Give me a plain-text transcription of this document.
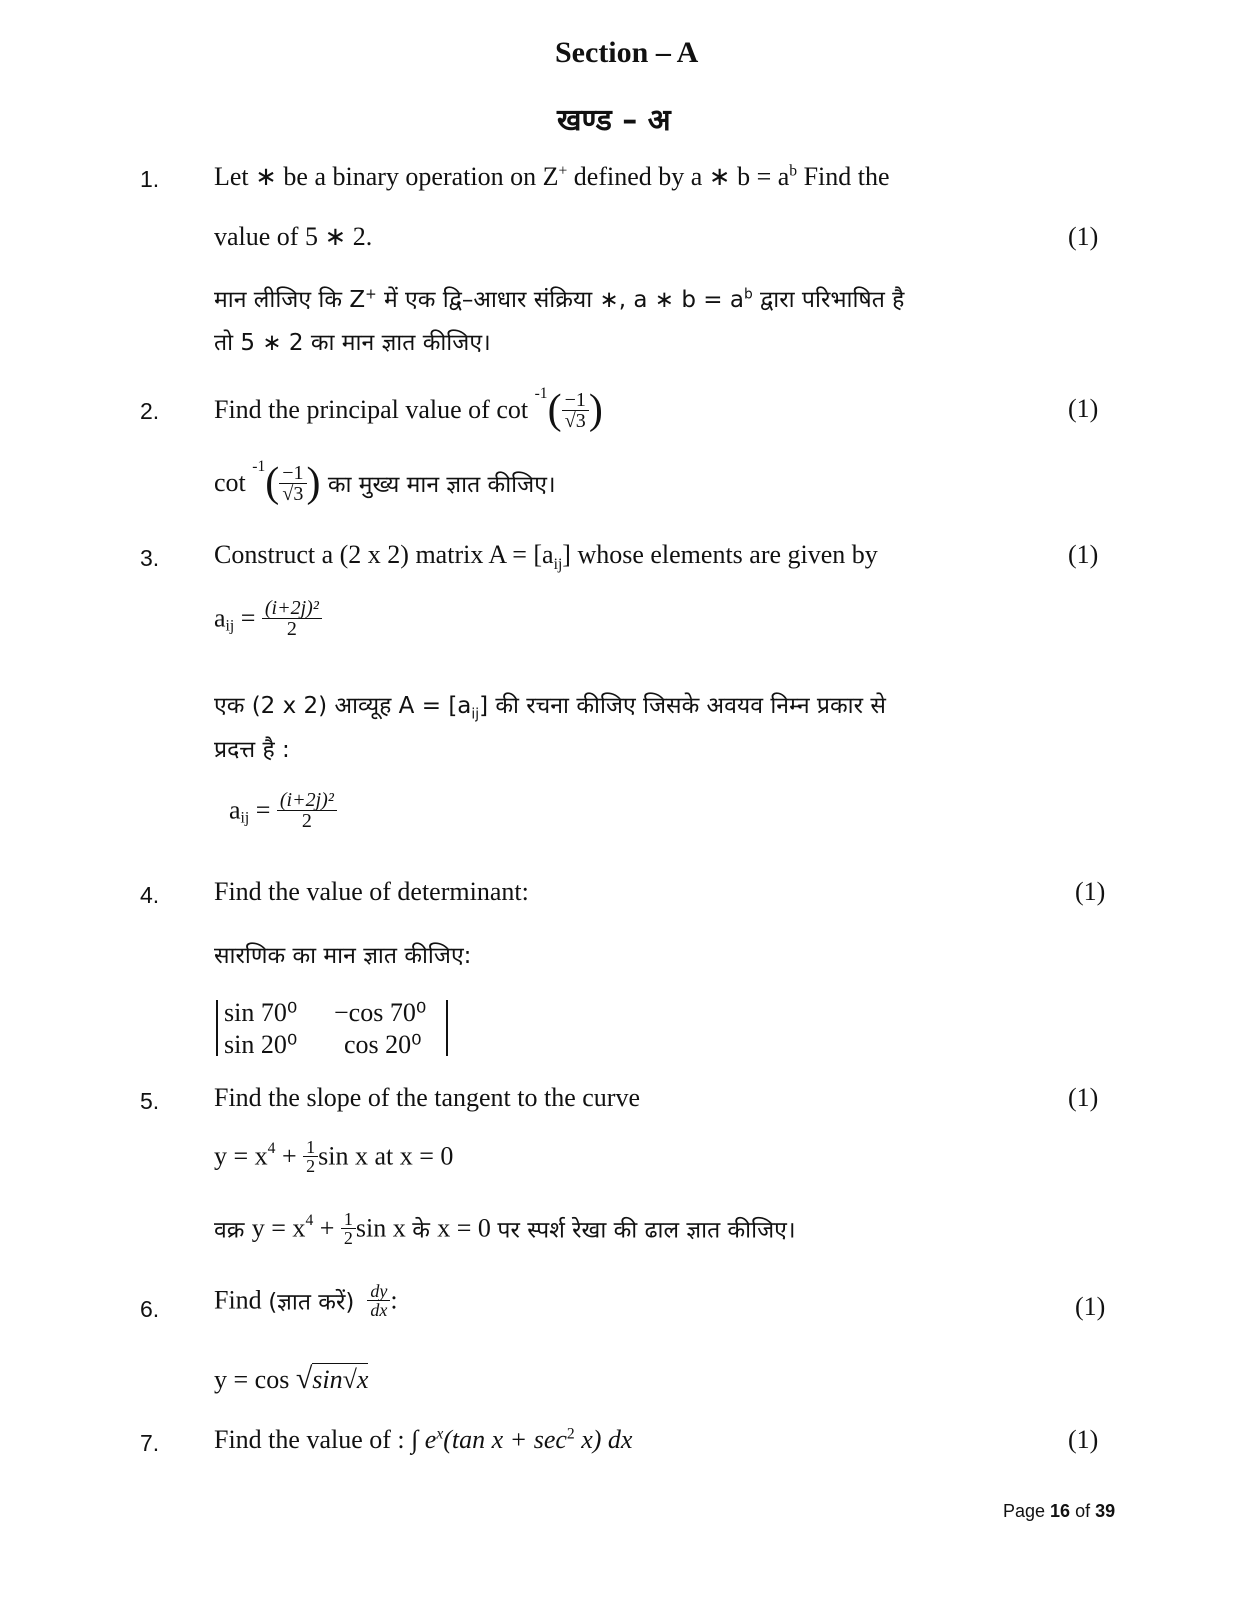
Section – A
खण्ड – अ
1. Let ∗ be a binary operation on Z+ defined by a ∗ $b = a^b$ Find the
value of 5 ∗ 2.	(1)
मान लीजिए कि Z+ में एक द्वि–आधार संक्रिया ∗, a ∗ $b = a^b$ द्वारा परिभाषित है
तो 5 ∗ 2 का मान ज्ञात कीजिए।
2. Find the principal value of $\cot ^{-1}( \frac{-1}{√3}$ )	(1)
$\cot ^{-1}( \frac{-1}{√3}$ ) का मुख्य मान ज्ञात कीजिए।
3. Construct a (2 x 2) matrix $A = [a_{ij}]$ whose elements are given by	(1)
$a_{ij} = \frac{\text{(i+2j)²}}{2}$
एक (2 x 2) आव्यूह $A = [a_{ij}]$ की रचना कीजिए जिसके अवयव निम्न प्रकार से
प्रदत्त है :
$a_{ij} = \frac{\text{(i+2j)²}}{2}$
4. Find the value of determinant:	(1)
सारणिक का मान ज्ञात कीजिए:
sin 70⁰ −cos 70⁰
sin 20⁰ cos 20⁰
5. Find the slope of the tangent to the curve	(1)
$y = x^4 + \frac{1}{2}$ sin x at x = 0
वक्र $y = x^4 + \frac{1}{2}$ sin x के x = 0 पर स्पर्श रेखा की ढाल ज्ञात कीजिए।
6. Find (ज्ञात करें) $\frac{dy}{dx}$ :	(1)
y = cos √sin√x
7. Find the value of : ∫ $e^x(\tan$ $x + \sec^2 x$) dx	(1)
Page 16 of 39
